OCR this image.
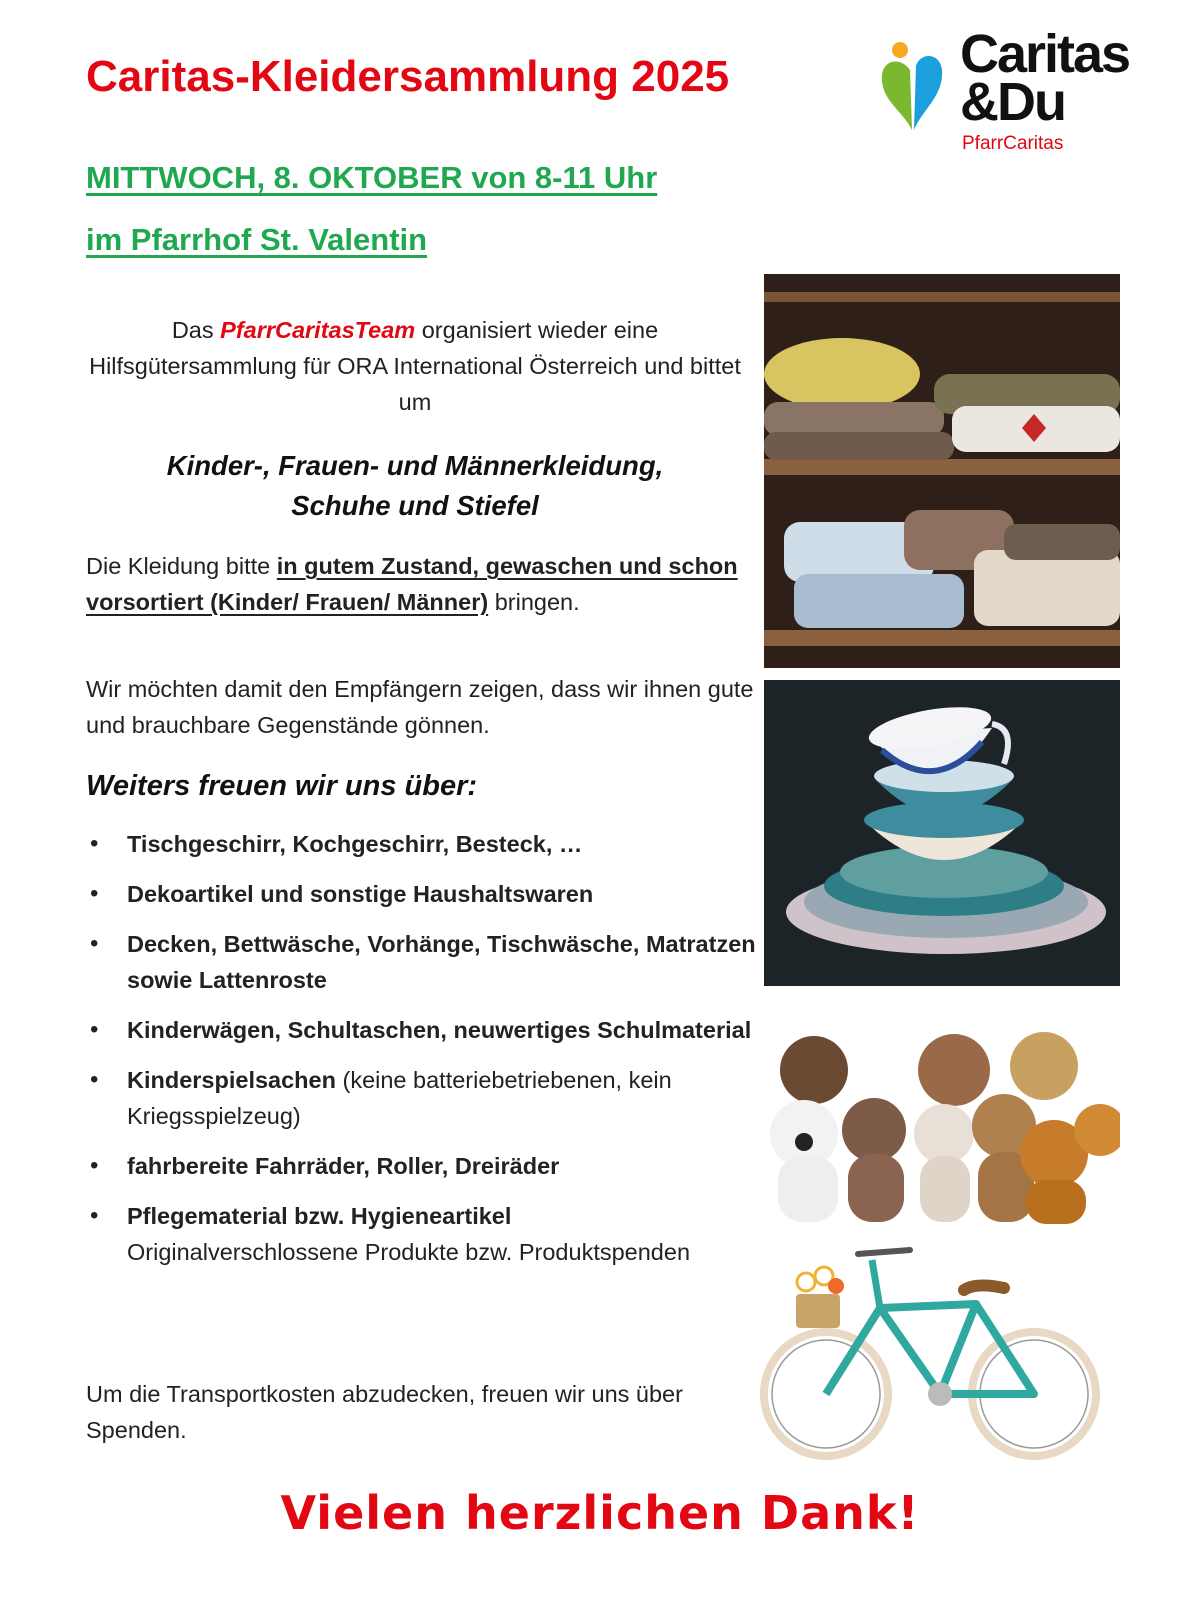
Caritas-Kleidersammlung 2025
MITTWOCH, 8. OKTOBER von 8-11 Uhr
im Pfarrhof St. Valentin
Caritas
&Du
PfarrCaritas
Das PfarrCaritasTeam organisiert wieder eine Hilfsgütersammlung für ORA International Österreich und bittet um
Kinder-, Frauen- und Männerkleidung,
Schuhe und Stiefel
Die Kleidung bitte in gutem Zustand, gewaschen und schon vorsortiert (Kinder/ Frauen/ Männer) bringen.
Wir möchten damit den Empfängern zeigen, dass wir ihnen gute und brauchbare Gegenstände gönnen.
Weiters freuen wir uns über:
• Tischgeschirr, Kochgeschirr, Besteck, …
• Dekoartikel und sonstige Haushaltswaren
• Decken, Bettwäsche, Vorhänge, Tischwäsche, Matratzen sowie Lattenroste
• Kinderwägen, Schultaschen, neuwertiges Schulmaterial
• Kinderspielsachen (keine batteriebetriebenen, kein Kriegsspielzeug)
• fahrbereite Fahrräder, Roller, Dreiräder
• Pflegematerial bzw. Hygieneartikel
Originalverschlossene Produkte bzw. Produktspenden
Um die Transportkosten abzudecken, freuen wir uns über Spenden.
Vielen herzlichen Dank!
